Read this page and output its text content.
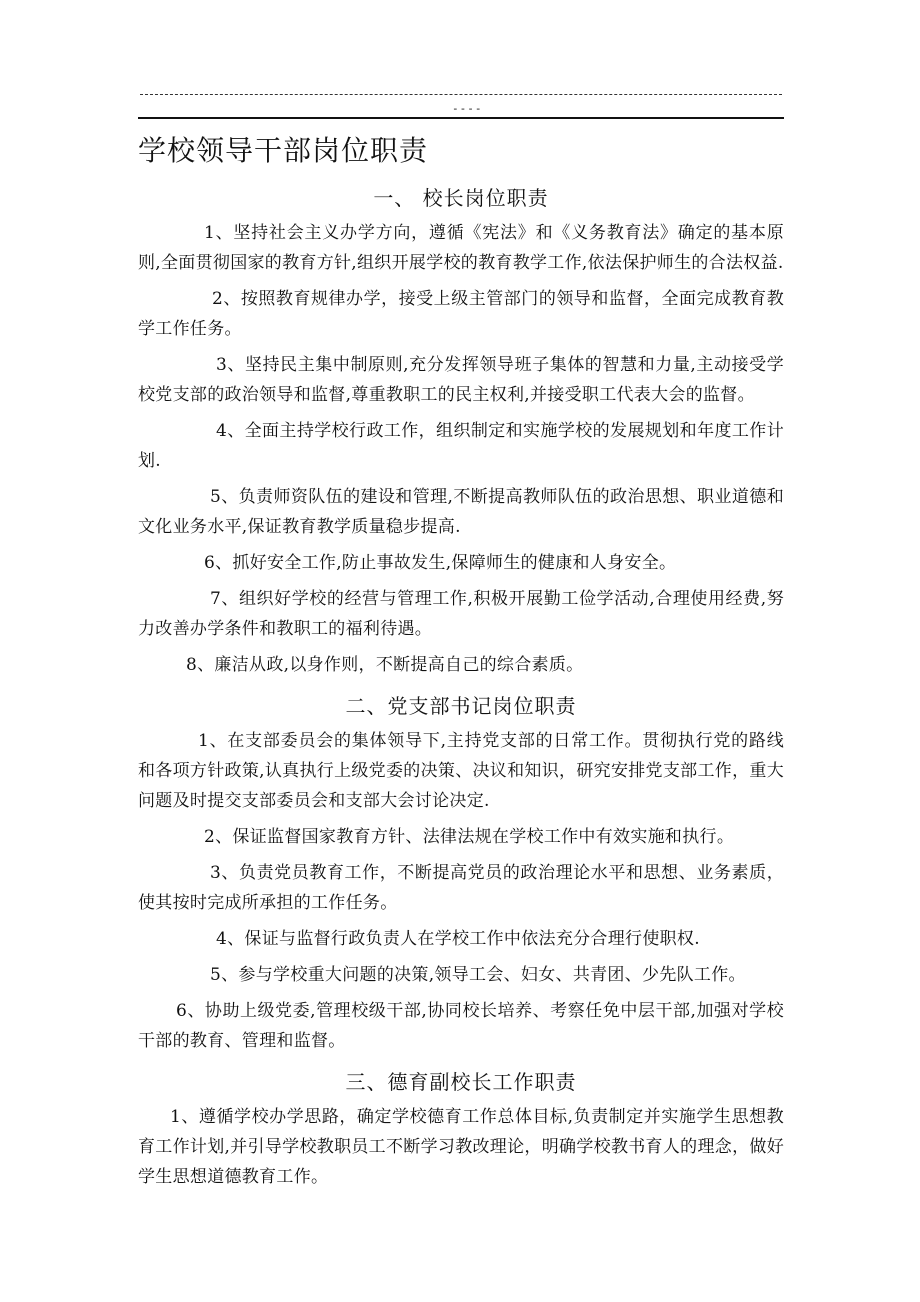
----
学校领导干部岗位职责
一、 校长岗位职责

1、坚持社会主义办学方向，遵循《宪法》和《义务教育法》确定的基本原则,全面贯彻国家的教育方针,组织开展学校的教育教学工作,依法保护师生的合法权益.

2、按照教育规律办学，接受上级主管部门的领导和监督，全面完成教育教学工作任务。

3、坚持民主集中制原则,充分发挥领导班子集体的智慧和力量,主动接受学校党支部的政治领导和监督,尊重教职工的民主权利,并接受职工代表大会的监督。

4、全面主持学校行政工作，组织制定和实施学校的发展规划和年度工作计划.

5、负责师资队伍的建设和管理,不断提高教师队伍的政治思想、职业道德和文化业务水平,保证教育教学质量稳步提高.

6、抓好安全工作,防止事故发生,保障师生的健康和人身安全。

7、组织好学校的经营与管理工作,积极开展勤工俭学活动,合理使用经费,努力改善办学条件和教职工的福利待遇。

8、廉洁从政,以身作则，不断提高自己的综合素质。

二、党支部书记岗位职责

1、在支部委员会的集体领导下,主持党支部的日常工作。贯彻执行党的路线和各项方针政策,认真执行上级党委的决策、决议和知识，研究安排党支部工作，重大问题及时提交支部委员会和支部大会讨论决定.

2、保证监督国家教育方针、法律法规在学校工作中有效实施和执行。

3、负责党员教育工作，不断提高党员的政治理论水平和思想、业务素质，使其按时完成所承担的工作任务。

4、保证与监督行政负责人在学校工作中依法充分合理行使职权.

5、参与学校重大问题的决策,领导工会、妇女、共青团、少先队工作。

6、协助上级党委,管理校级干部,协同校长培养、考察任免中层干部,加强对学校干部的教育、管理和监督。

三、德育副校长工作职责

1、遵循学校办学思路，确定学校德育工作总体目标,负责制定并实施学生思想教育工作计划,并引导学校教职员工不断学习教改理论，明确学校教书育人的理念，做好学生思想道德教育工作。
